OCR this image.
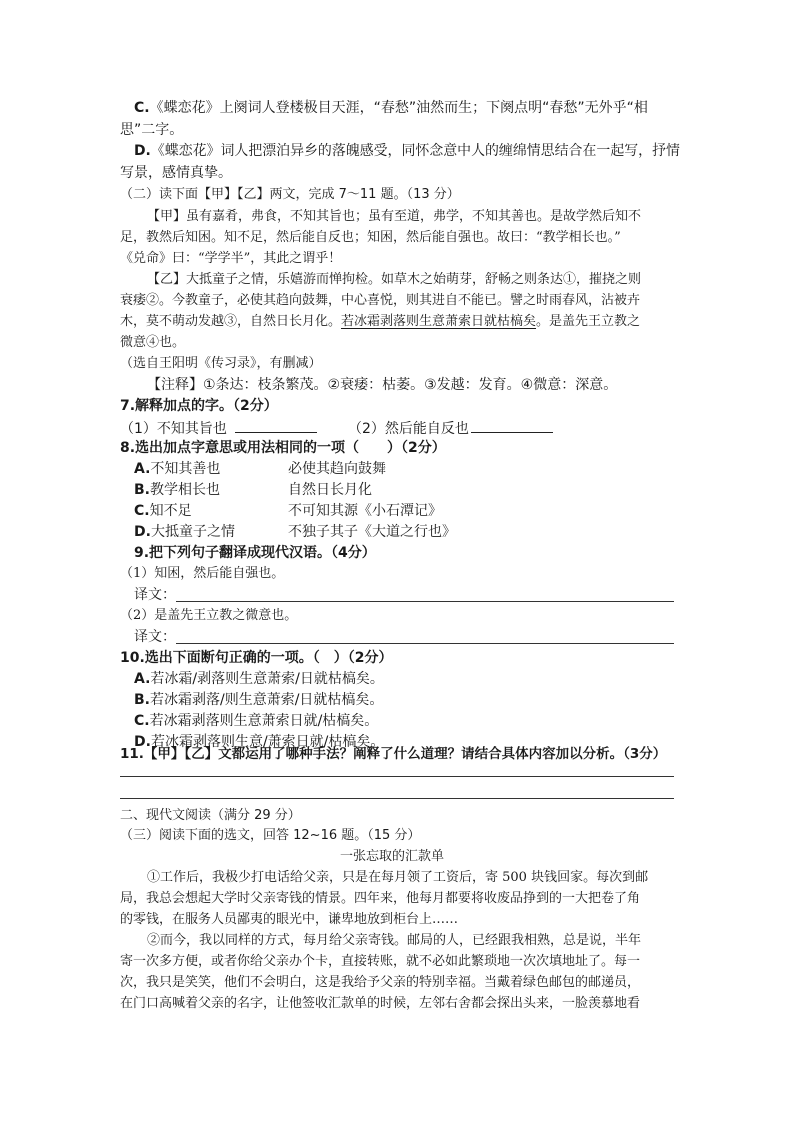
C.《蝶恋花》上阕词人登楼极目天涯，“春愁”油然而生；下阕点明“春愁”无外乎“相
思”二字。
D.《蝶恋花》词人把漂泊异乡的落魄感受，同怀念意中人的缠绵情思结合在一起写，抒情
写景，感情真挚。
（二）读下面【甲】【乙】两文，完成 7～11 题。（13 分）
【甲】虽有嘉肴，弗食，不知其旨也；虽有至道，弗学，不知其善也。是故学然后知不
足，教然后知困。知不足，然后能自反也；知困，然后能自强也。故曰：“教学相长也。”
《兑命》曰：“学学半”，其此之谓乎！
【乙】大抵童子之情，乐嬉游而惮拘检。如草木之始萌芽，舒畅之则条达①，摧挠之则
衰痿②。今教童子，必使其趋向鼓舞，中心喜悦，则其进自不能已。譬之时雨春风，沾被卉
木，莫不萌动发越③，自然日长月化。若冰霜剥落则生意萧索日就枯槁矣。是盖先王立教之
微意④也。
（选自王阳明《传习录》，有删减）
【注释】①条达：枝条繁茂。②衰痿：枯萎。③发越：发育。④微意：深意。
7.解释加点的字。（2分）
（1）不知其旨也	（2）然后能自反也
8.选出加点字意思或用法相同的一项（　　）（2分）
A.不知其善也	必使其趋向鼓舞
B.教学相长也	自然日长月化
C.知不足	不可知其源《小石潭记》
D.大抵童子之情	不独子其子《大道之行也》
9.把下列句子翻译成现代汉语。（4分）
（1）知困，然后能自强也。
译文：
（2）是盖先王立教之微意也。
译文：
10.选出下面断句正确的一项。（　）（2分）
A.若冰霜/剥落则生意萧索/日就枯槁矣。
B.若冰霜剥落/则生意萧索/日就枯槁矣。
C.若冰霜剥落则生意萧索日就/枯槁矣。
D.若冰霜剥落则生意/萧索日就/枯槁矣。
11.【甲】【乙】文都运用了哪种手法？阐释了什么道理？请结合具体内容加以分析。（3分）
二、现代文阅读（满分 29 分）
（三）阅读下面的选文，回答 12~16 题。（15 分）
一张忘取的汇款单
①工作后，我极少打电话给父亲，只是在每月领了工资后，寄 500 块钱回家。每次到邮
局，我总会想起大学时父亲寄钱的情景。四年来，他每月都要将收废品挣到的一大把卷了角
的零钱，在服务人员鄙夷的眼光中，谦卑地放到柜台上……
②而今，我以同样的方式，每月给父亲寄钱。邮局的人，已经跟我相熟，总是说，半年
寄一次多方便，或者你给父亲办个卡，直接转账，就不必如此繁琐地一次次填地址了。每一
次，我只是笑笑，他们不会明白，这是我给予父亲的特别幸福。当戴着绿色邮包的邮递员，
在门口高喊着父亲的名字，让他签收汇款单的时候，左邻右舍都会探出头来，一脸羡慕地看
